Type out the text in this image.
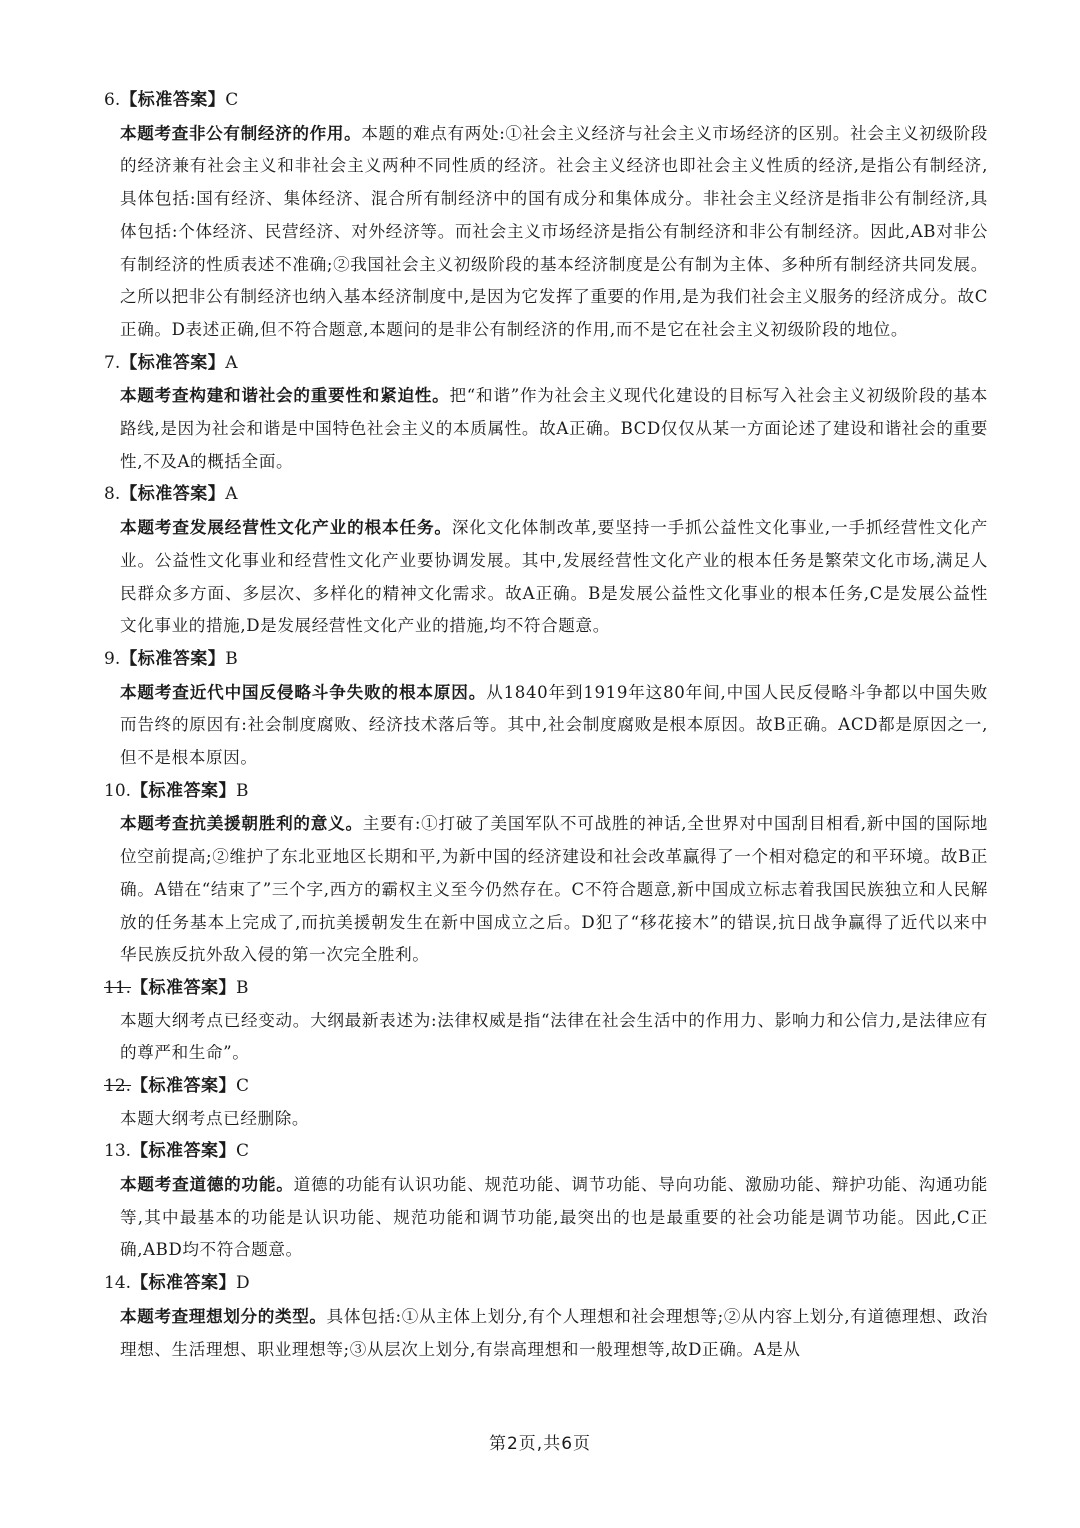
6.【标准答案】C
本题考查非公有制经济的作用。本题的难点有两处:①社会主义经济与社会主义市场经济的区别。社会主义初级阶段的经济兼有社会主义和非社会主义两种不同性质的经济。社会主义经济也即社会主义性质的经济,是指公有制经济,具体包括:国有经济、集体经济、混合所有制经济中的国有成分和集体成分。非社会主义经济是指非公有制经济,具体包括:个体经济、民营经济、对外经济等。而社会主义市场经济是指公有制经济和非公有制经济。因此,AB对非公有制经济的性质表述不准确;②我国社会主义初级阶段的基本经济制度是公有制为主体、多种所有制经济共同发展。之所以把非公有制经济也纳入基本经济制度中,是因为它发挥了重要的作用,是为我们社会主义服务的经济成分。故C正确。D表述正确,但不符合题意,本题问的是非公有制经济的作用,而不是它在社会主义初级阶段的地位。
7.【标准答案】A
本题考查构建和谐社会的重要性和紧迫性。把“和谐”作为社会主义现代化建设的目标写入社会主义初级阶段的基本路线,是因为社会和谐是中国特色社会主义的本质属性。故A正确。BCD仅仅从某一方面论述了建设和谐社会的重要性,不及A的概括全面。
8.【标准答案】A
本题考查发展经营性文化产业的根本任务。深化文化体制改革,要坚持一手抓公益性文化事业,一手抓经营性文化产业。公益性文化事业和经营性文化产业要协调发展。其中,发展经营性文化产业的根本任务是繁荣文化市场,满足人民群众多方面、多层次、多样化的精神文化需求。故A正确。B是发展公益性文化事业的根本任务,C是发展公益性文化事业的措施,D是发展经营性文化产业的措施,均不符合题意。
9.【标准答案】B
本题考查近代中国反侵略斗争失败的根本原因。从1840年到1919年这80年间,中国人民反侵略斗争都以中国失败而告终的原因有:社会制度腐败、经济技术落后等。其中,社会制度腐败是根本原因。故B正确。ACD都是原因之一,但不是根本原因。
10.【标准答案】B
本题考查抗美援朝胜利的意义。主要有:①打破了美国军队不可战胜的神话,全世界对中国刮目相看,新中国的国际地位空前提高;②维护了东北亚地区长期和平,为新中国的经济建设和社会改革赢得了一个相对稳定的和平环境。故B正确。A错在“结束了”三个字,西方的霸权主义至今仍然存在。C不符合题意,新中国成立标志着我国民族独立和人民解放的任务基本上完成了,而抗美援朝发生在新中国成立之后。D犯了“移花接木”的错误,抗日战争赢得了近代以来中华民族反抗外敌入侵的第一次完全胜利。
11.【标准答案】B
本题大纲考点已经变动。大纲最新表述为:法律权威是指“法律在社会生活中的作用力、影响力和公信力,是法律应有的尊严和生命”。
12.【标准答案】C
本题大纲考点已经删除。
13.【标准答案】C
本题考查道德的功能。道德的功能有认识功能、规范功能、调节功能、导向功能、激励功能、辩护功能、沟通功能等,其中最基本的功能是认识功能、规范功能和调节功能,最突出的也是最重要的社会功能是调节功能。因此,C正确,ABD均不符合题意。
14.【标准答案】D
本题考查理想划分的类型。具体包括:①从主体上划分,有个人理想和社会理想等;②从内容上划分,有道德理想、政治理想、生活理想、职业理想等;③从层次上划分,有崇高理想和一般理想等,故D正确。A是从
第2页,共6页
